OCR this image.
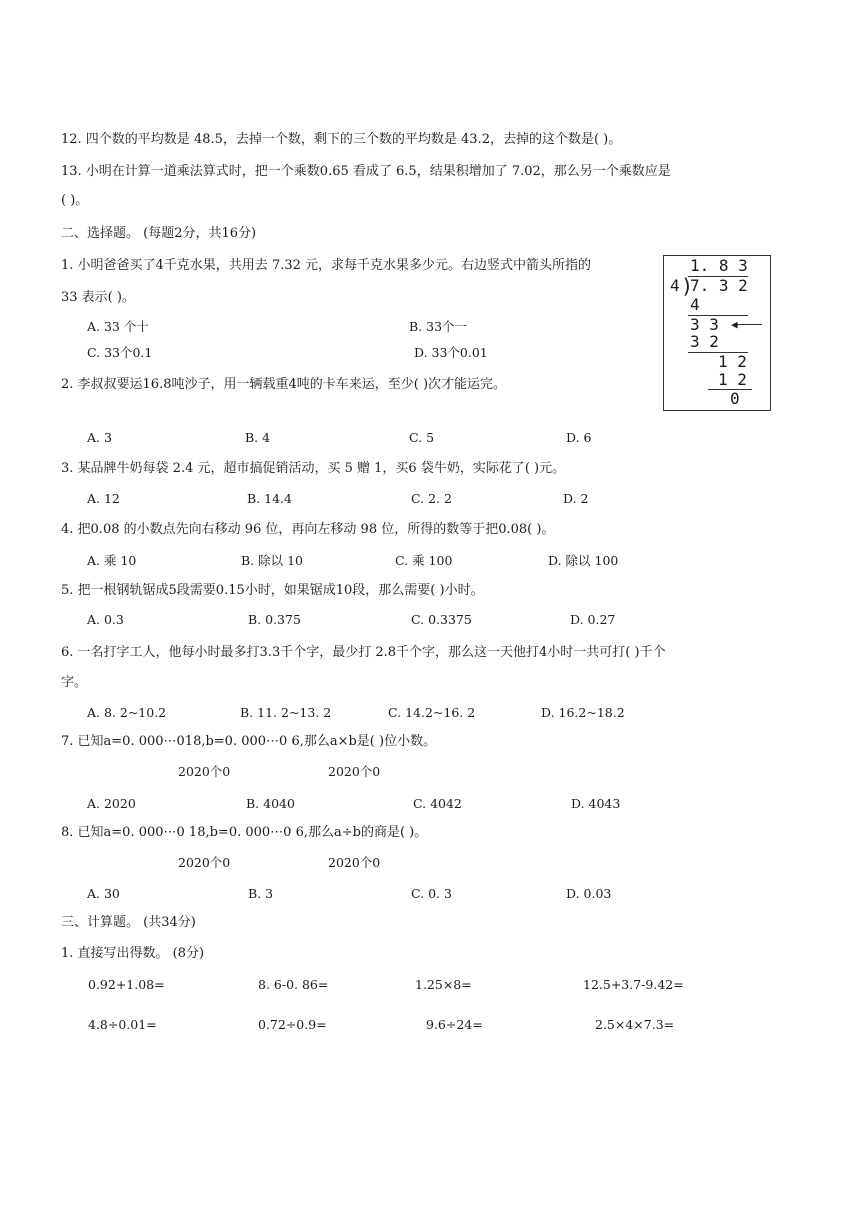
12. 四个数的平均数是 48.5，去掉一个数，剩下的三个数的平均数是 43.2，去掉的这个数是( )。
13. 小明在计算一道乘法算式时，把一个乘数0.65 看成了 6.5，结果积增加了 7.02，那么另一个乘数应是
( )。
二、选择题。 (每题2分，共16分)
1. 小明爸爸买了4千克水果，共用去 7.32 元，求每千克水果多少元。右边竖式中箭头所指的
33 表示( )。
A. 33 个十	B. 33个一
C. 33个0.1	D. 33个0.01
1. 8 3
4 )
7. 3 2
4
3 3 ◀
3 2
1 2
1 2
0
2. 李叔叔要运16.8吨沙子，用一辆载重4吨的卡车来运，至少( )次才能运完。
A. 3	B. 4	C. 5	D. 6
3. 某品牌牛奶每袋 2.4 元，超市搞促销活动，买 5 赠 1，买6 袋牛奶，实际花了( )元。
A. 12	B. 14.4	C. 2. 2	D. 2
4. 把0.08 的小数点先向右移动 96 位，再向左移动 98 位，所得的数等于把0.08( )。
A. 乘 10	B. 除以 10	C. 乘 100	D. 除以 100
5. 把一根钢轨锯成5段需要0.15小时，如果锯成10段，那么需要( )小时。
A. 0.3	B. 0.375	C. 0.3375	D. 0.27
6. 一名打字工人，他每小时最多打3.3千个字，最少打 2.8千个字，那么这一天他打4小时一共可打( )千个
字。
A. 8. 2~10.2	B. 11. 2~13. 2	C. 14.2~16. 2	D. 16.2~18.2
7. 已知a=0. 000⋯018,b=0. 000⋯0 6,那么a×b是( )位小数。
2020个0	2020个0
A. 2020	B. 4040	C. 4042	D. 4043
8. 已知a=0. 000⋯0 18,b=0. 000⋯0 6,那么a÷b的商是( )。
2020个0	2020个0
A. 30	B. 3	C. 0. 3	D. 0.03
三、计算题。 (共34分)
1. 直接写出得数。 (8分)
0.92+1.08=	8. 6-0. 86=	1.25×8=	12.5+3.7-9.42=
4.8÷0.01=	0.72÷0.9=	9.6÷24=	2.5×4×7.3=
